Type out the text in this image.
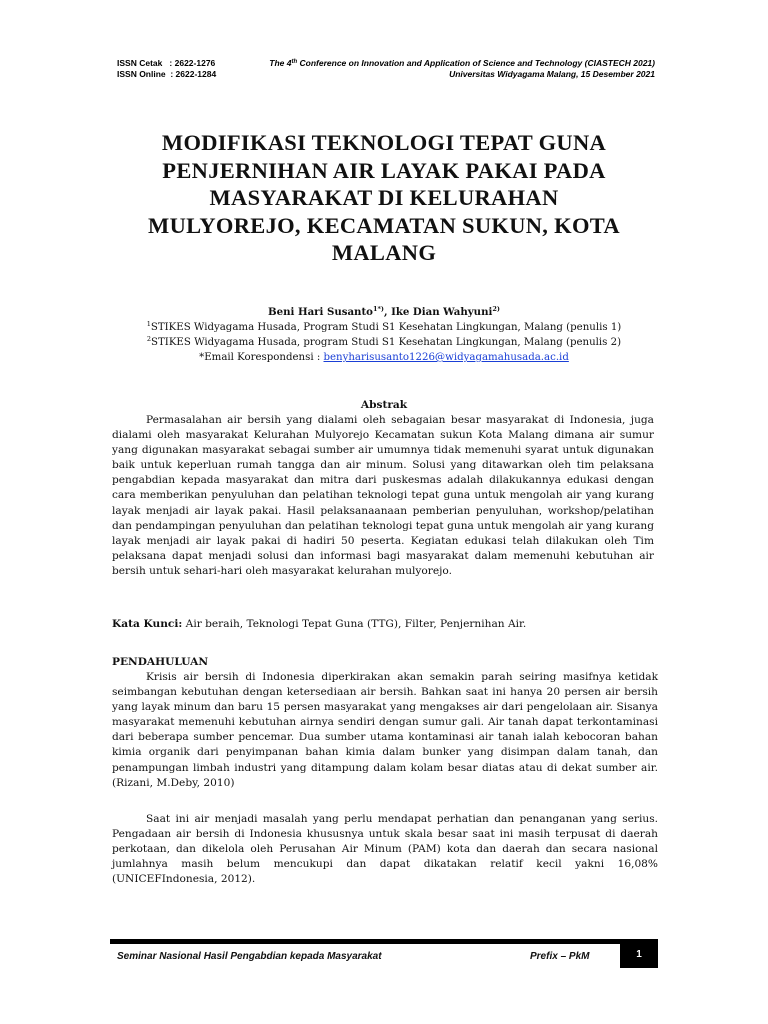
ISSN Cetak   : 2622-1276
ISSN Online  : 2622-1284
The 4th Conference on Innovation and Application of Science and Technology (CIASTECH 2021)
Universitas Widyagama Malang, 15 Desember 2021
MODIFIKASI TEKNOLOGI TEPAT GUNA
PENJERNIHAN AIR LAYAK PAKAI PADA
MASYARAKAT DI KELURAHAN
MULYOREJO, KECAMATAN SUKUN, KOTA
MALANG
Beni Hari Susanto$^{1*)}$, Ike Dian Wahyuni$^{2)}$
$^1$STIKES Widyagama Husada, Program Studi S1 Kesehatan Lingkungan, Malang (penulis 1)
$^2$STIKES Widyagama Husada, program Studi S1 Kesehatan Lingkungan, Malang (penulis 2)
*Email Korespondensi : benyharisusanto1226@widyagamahusada.ac.id
Abstrak
Permasalahan air bersih yang dialami oleh sebagaian besar masyarakat di Indonesia, juga dialami oleh masyarakat Kelurahan Mulyorejo Kecamatan sukun Kota Malang dimana air sumur yang digunakan masyarakat sebagai sumber air umumnya tidak memenuhi syarat untuk digunakan baik untuk keperluan rumah tangga dan air minum. Solusi yang ditawarkan oleh tim pelaksana pengabdian kepada masyarakat dan mitra dari puskesmas adalah dilakukannya edukasi dengan cara memberikan penyuluhan dan pelatihan teknologi tepat guna untuk mengolah air yang kurang layak menjadi air layak pakai. Hasil pelaksanaanaan pemberian penyuluhan, workshop/pelatihan dan pendampingan penyuluhan dan pelatihan teknologi tepat guna untuk mengolah air yang kurang layak menjadi air layak pakai di hadiri 50 peserta. Kegiatan edukasi telah dilakukan oleh Tim pelaksana dapat menjadi solusi dan informasi bagi masyarakat dalam memenuhi kebutuhan air bersih untuk sehari-hari oleh masyarakat kelurahan mulyorejo.
Kata Kunci: Air beraih, Teknologi Tepat Guna (TTG), Filter, Penjernihan Air.
PENDAHULUAN
Krisis air bersih di Indonesia diperkirakan akan semakin parah seiring masifnya ketidak seimbangan kebutuhan dengan ketersediaan air bersih. Bahkan saat ini hanya 20 persen air bersih yang layak minum dan baru 15 persen masyarakat yang mengakses air dari pengelolaan air. Sisanya masyarakat memenuhi kebutuhan airnya sendiri dengan sumur gali. Air tanah dapat terkontaminasi dari beberapa sumber pencemar. Dua sumber utama kontaminasi air tanah ialah kebocoran bahan kimia organik dari penyimpanan bahan kimia dalam bunker yang disimpan dalam tanah, dan penampungan limbah industri yang ditampung dalam kolam besar diatas atau di dekat sumber air. (Rizani, M.Deby, 2010)
Saat ini air menjadi masalah yang perlu mendapat perhatian dan penanganan yang serius. Pengadaan air bersih di Indonesia khususnya untuk skala besar saat ini masih terpusat di daerah perkotaan, dan dikelola oleh Perusahan Air Minum (PAM) kota dan daerah dan secara nasional jumlahnya masih belum mencukupi dan dapat dikatakan relatif kecil yakni 16,08% (UNICEFIndonesia, 2012).
Seminar Nasional Hasil Pengabdian kepada Masyarakat	Prefix – PkM	1
